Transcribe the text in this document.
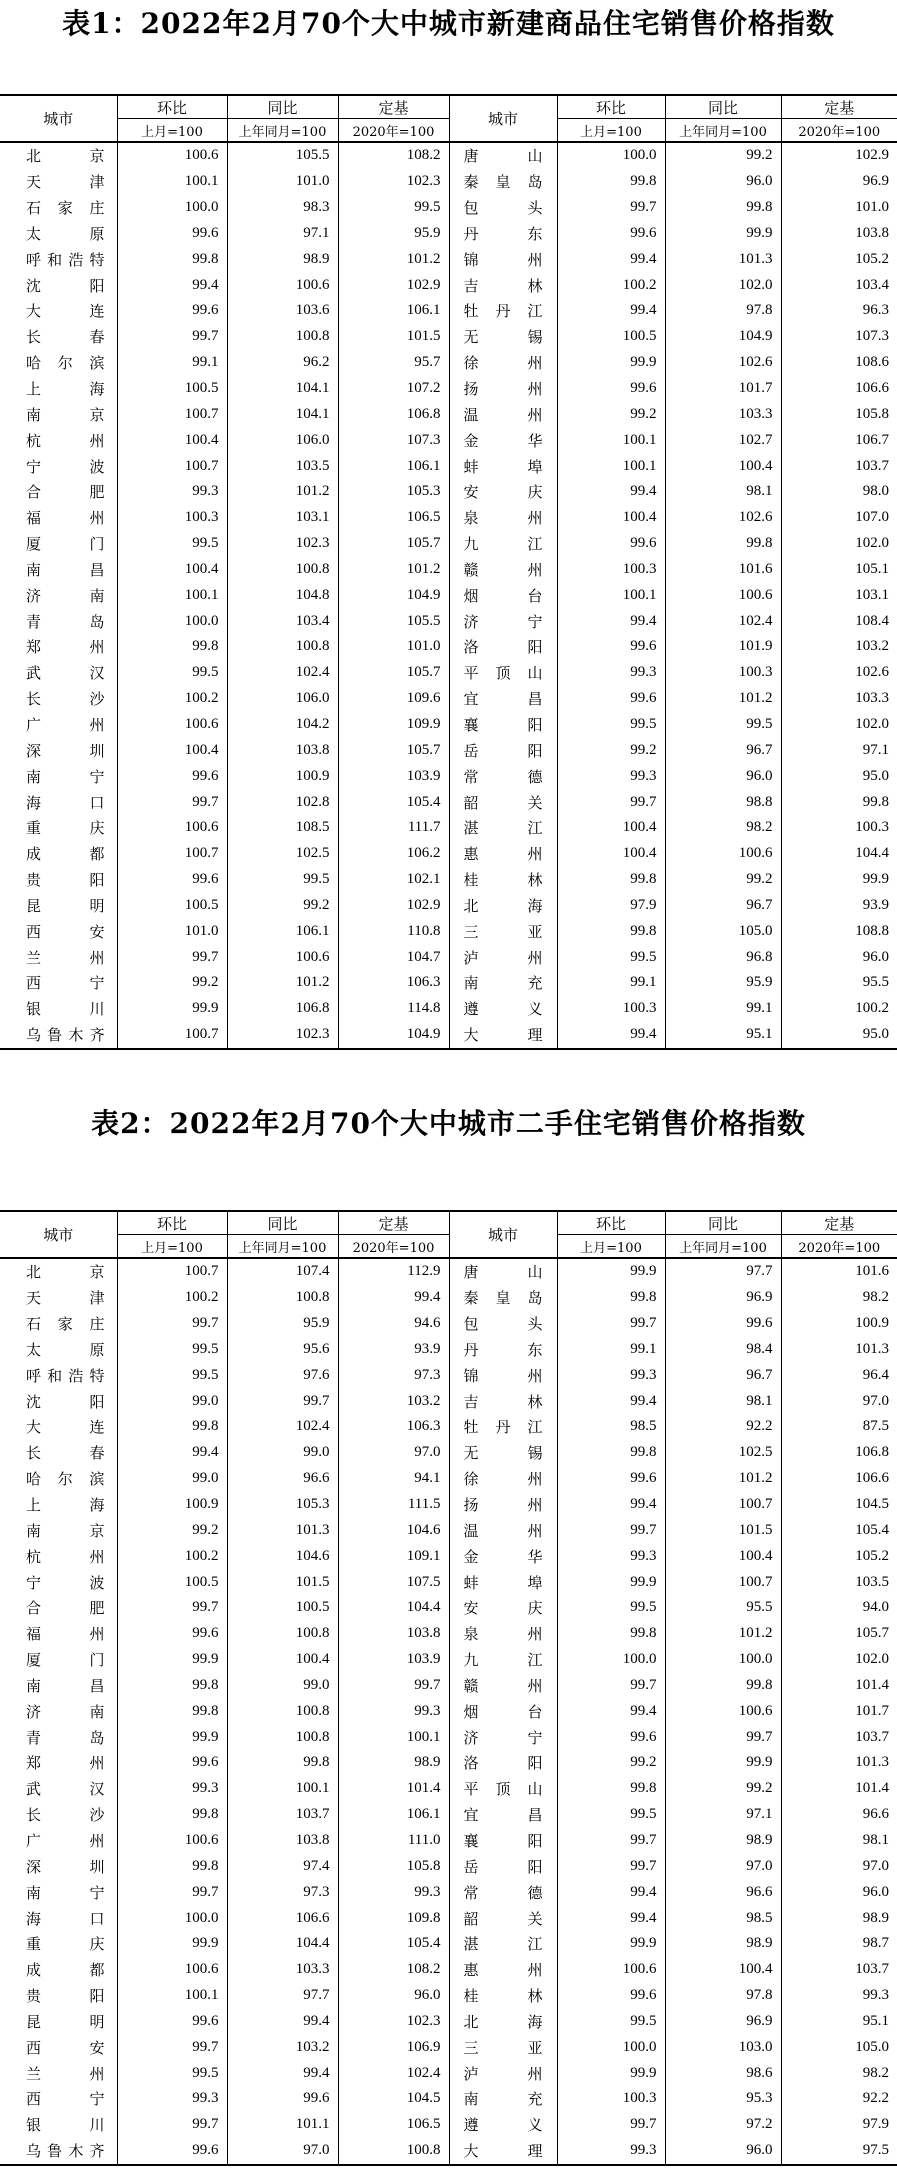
表1：2022年2月70个大中城市新建商品住宅销售价格指数
城市	环比	同比	定基	城市	环比	同比	定基
	上月=100	上年同月=100	2020年=100		上月=100	上年同月=100	2020年=100

北京	100.6	105.5	108.2	唐山	100.0	99.2	102.9

天津	100.1	101.0	102.3	秦皇岛	99.8	96.0	96.9

石家庄	100.0	98.3	99.5	包头	99.7	99.8	101.0

太原	99.6	97.1	95.9	丹东	99.6	99.9	103.8

呼和浩特	99.8	98.9	101.2	锦州	99.4	101.3	105.2

沈阳	99.4	100.6	102.9	吉林	100.2	102.0	103.4

大连	99.6	103.6	106.1	牡丹江	99.4	97.8	96.3

长春	99.7	100.8	101.5	无锡	100.5	104.9	107.3

哈尔滨	99.1	96.2	95.7	徐州	99.9	102.6	108.6

上海	100.5	104.1	107.2	扬州	99.6	101.7	106.6

南京	100.7	104.1	106.8	温州	99.2	103.3	105.8

杭州	100.4	106.0	107.3	金华	100.1	102.7	106.7

宁波	100.7	103.5	106.1	蚌埠	100.1	100.4	103.7

合肥	99.3	101.2	105.3	安庆	99.4	98.1	98.0

福州	100.3	103.1	106.5	泉州	100.4	102.6	107.0

厦门	99.5	102.3	105.7	九江	99.6	99.8	102.0

南昌	100.4	100.8	101.2	赣州	100.3	101.6	105.1

济南	100.1	104.8	104.9	烟台	100.1	100.6	103.1

青岛	100.0	103.4	105.5	济宁	99.4	102.4	108.4

郑州	99.8	100.8	101.0	洛阳	99.6	101.9	103.2

武汉	99.5	102.4	105.7	平顶山	99.3	100.3	102.6

长沙	100.2	106.0	109.6	宜昌	99.6	101.2	103.3

广州	100.6	104.2	109.9	襄阳	99.5	99.5	102.0

深圳	100.4	103.8	105.7	岳阳	99.2	96.7	97.1

南宁	99.6	100.9	103.9	常德	99.3	96.0	95.0

海口	99.7	102.8	105.4	韶关	99.7	98.8	99.8

重庆	100.6	108.5	111.7	湛江	100.4	98.2	100.3

成都	100.7	102.5	106.2	惠州	100.4	100.6	104.4

贵阳	99.6	99.5	102.1	桂林	99.8	99.2	99.9

昆明	100.5	99.2	102.9	北海	97.9	96.7	93.9

西安	101.0	106.1	110.8	三亚	99.8	105.0	108.8

兰州	99.7	100.6	104.7	泸州	99.5	96.8	96.0

西宁	99.2	101.2	106.3	南充	99.1	95.9	95.5

银川	99.9	106.8	114.8	遵义	100.3	99.1	100.2

乌鲁木齐	100.7	102.3	104.9	大理	99.4	95.1	95.0
表2：2022年2月70个大中城市二手住宅销售价格指数
城市	环比	同比	定基	城市	环比	同比	定基
	上月=100	上年同月=100	2020年=100		上月=100	上年同月=100	2020年=100

北京	100.7	107.4	112.9	唐山	99.9	97.7	101.6

天津	100.2	100.8	99.4	秦皇岛	99.8	96.9	98.2

石家庄	99.7	95.9	94.6	包头	99.7	99.6	100.9

太原	99.5	95.6	93.9	丹东	99.1	98.4	101.3

呼和浩特	99.5	97.6	97.3	锦州	99.3	96.7	96.4

沈阳	99.0	99.7	103.2	吉林	99.4	98.1	97.0

大连	99.8	102.4	106.3	牡丹江	98.5	92.2	87.5

长春	99.4	99.0	97.0	无锡	99.8	102.5	106.8

哈尔滨	99.0	96.6	94.1	徐州	99.6	101.2	106.6

上海	100.9	105.3	111.5	扬州	99.4	100.7	104.5

南京	99.2	101.3	104.6	温州	99.7	101.5	105.4

杭州	100.2	104.6	109.1	金华	99.3	100.4	105.2

宁波	100.5	101.5	107.5	蚌埠	99.9	100.7	103.5

合肥	99.7	100.5	104.4	安庆	99.5	95.5	94.0

福州	99.6	100.8	103.8	泉州	99.8	101.2	105.7

厦门	99.9	100.4	103.9	九江	100.0	100.0	102.0

南昌	99.8	99.0	99.7	赣州	99.7	99.8	101.4

济南	99.8	100.8	99.3	烟台	99.4	100.6	101.7

青岛	99.9	100.8	100.1	济宁	99.6	99.7	103.7

郑州	99.6	99.8	98.9	洛阳	99.2	99.9	101.3

武汉	99.3	100.1	101.4	平顶山	99.8	99.2	101.4

长沙	99.8	103.7	106.1	宜昌	99.5	97.1	96.6

广州	100.6	103.8	111.0	襄阳	99.7	98.9	98.1

深圳	99.8	97.4	105.8	岳阳	99.7	97.0	97.0

南宁	99.7	97.3	99.3	常德	99.4	96.6	96.0

海口	100.0	106.6	109.8	韶关	99.4	98.5	98.9

重庆	99.9	104.4	105.4	湛江	99.9	98.9	98.7

成都	100.6	103.3	108.2	惠州	100.6	100.4	103.7

贵阳	100.1	97.7	96.0	桂林	99.6	97.8	99.3

昆明	99.6	99.4	102.3	北海	99.5	96.9	95.1

西安	99.7	103.2	106.9	三亚	100.0	103.0	105.0

兰州	99.5	99.4	102.4	泸州	99.9	98.6	98.2

西宁	99.3	99.6	104.5	南充	100.3	95.3	92.2

银川	99.7	101.1	106.5	遵义	99.7	97.2	97.9

乌鲁木齐	99.6	97.0	100.8	大理	99.3	96.0	97.5
